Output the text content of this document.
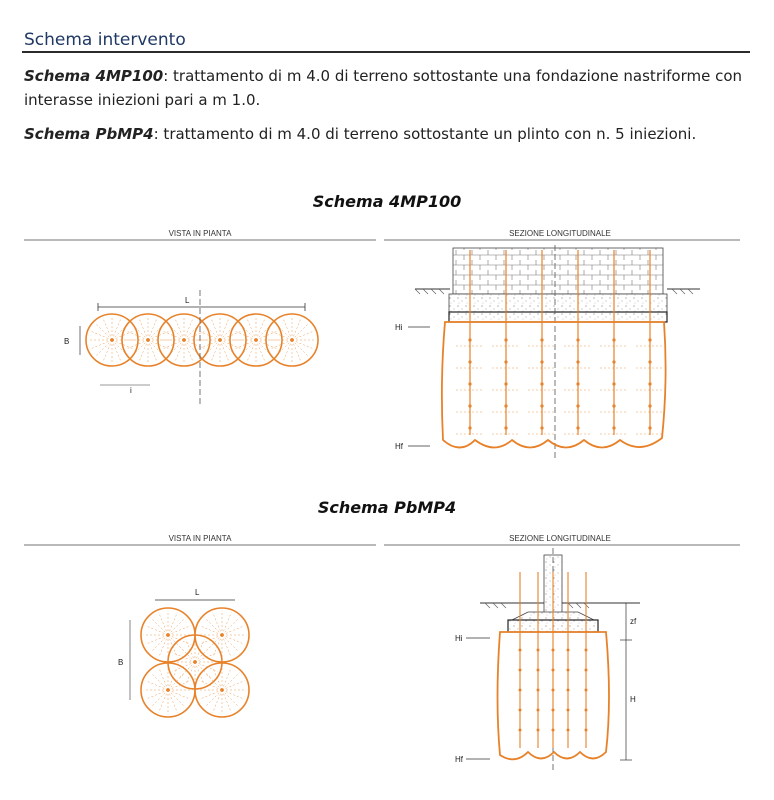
Schema intervento
Schema 4MP100: trattamento di m 4.0 di terreno sottostante una fondazione nastriforme con interasse iniezioni pari a m 1.0.
Schema PbMP4: trattamento di m 4.0 di terreno sottostante un plinto con n. 5 iniezioni.
Schema 4MP100
Schema PbMP4
VISTA IN PIANTA	SEZIONE LONGITUDINALE
L
B
i
Hi
Hf
VISTA IN PIANTA	SEZIONE LONGITUDINALE
L
B
zf
H
Hi
Hf
